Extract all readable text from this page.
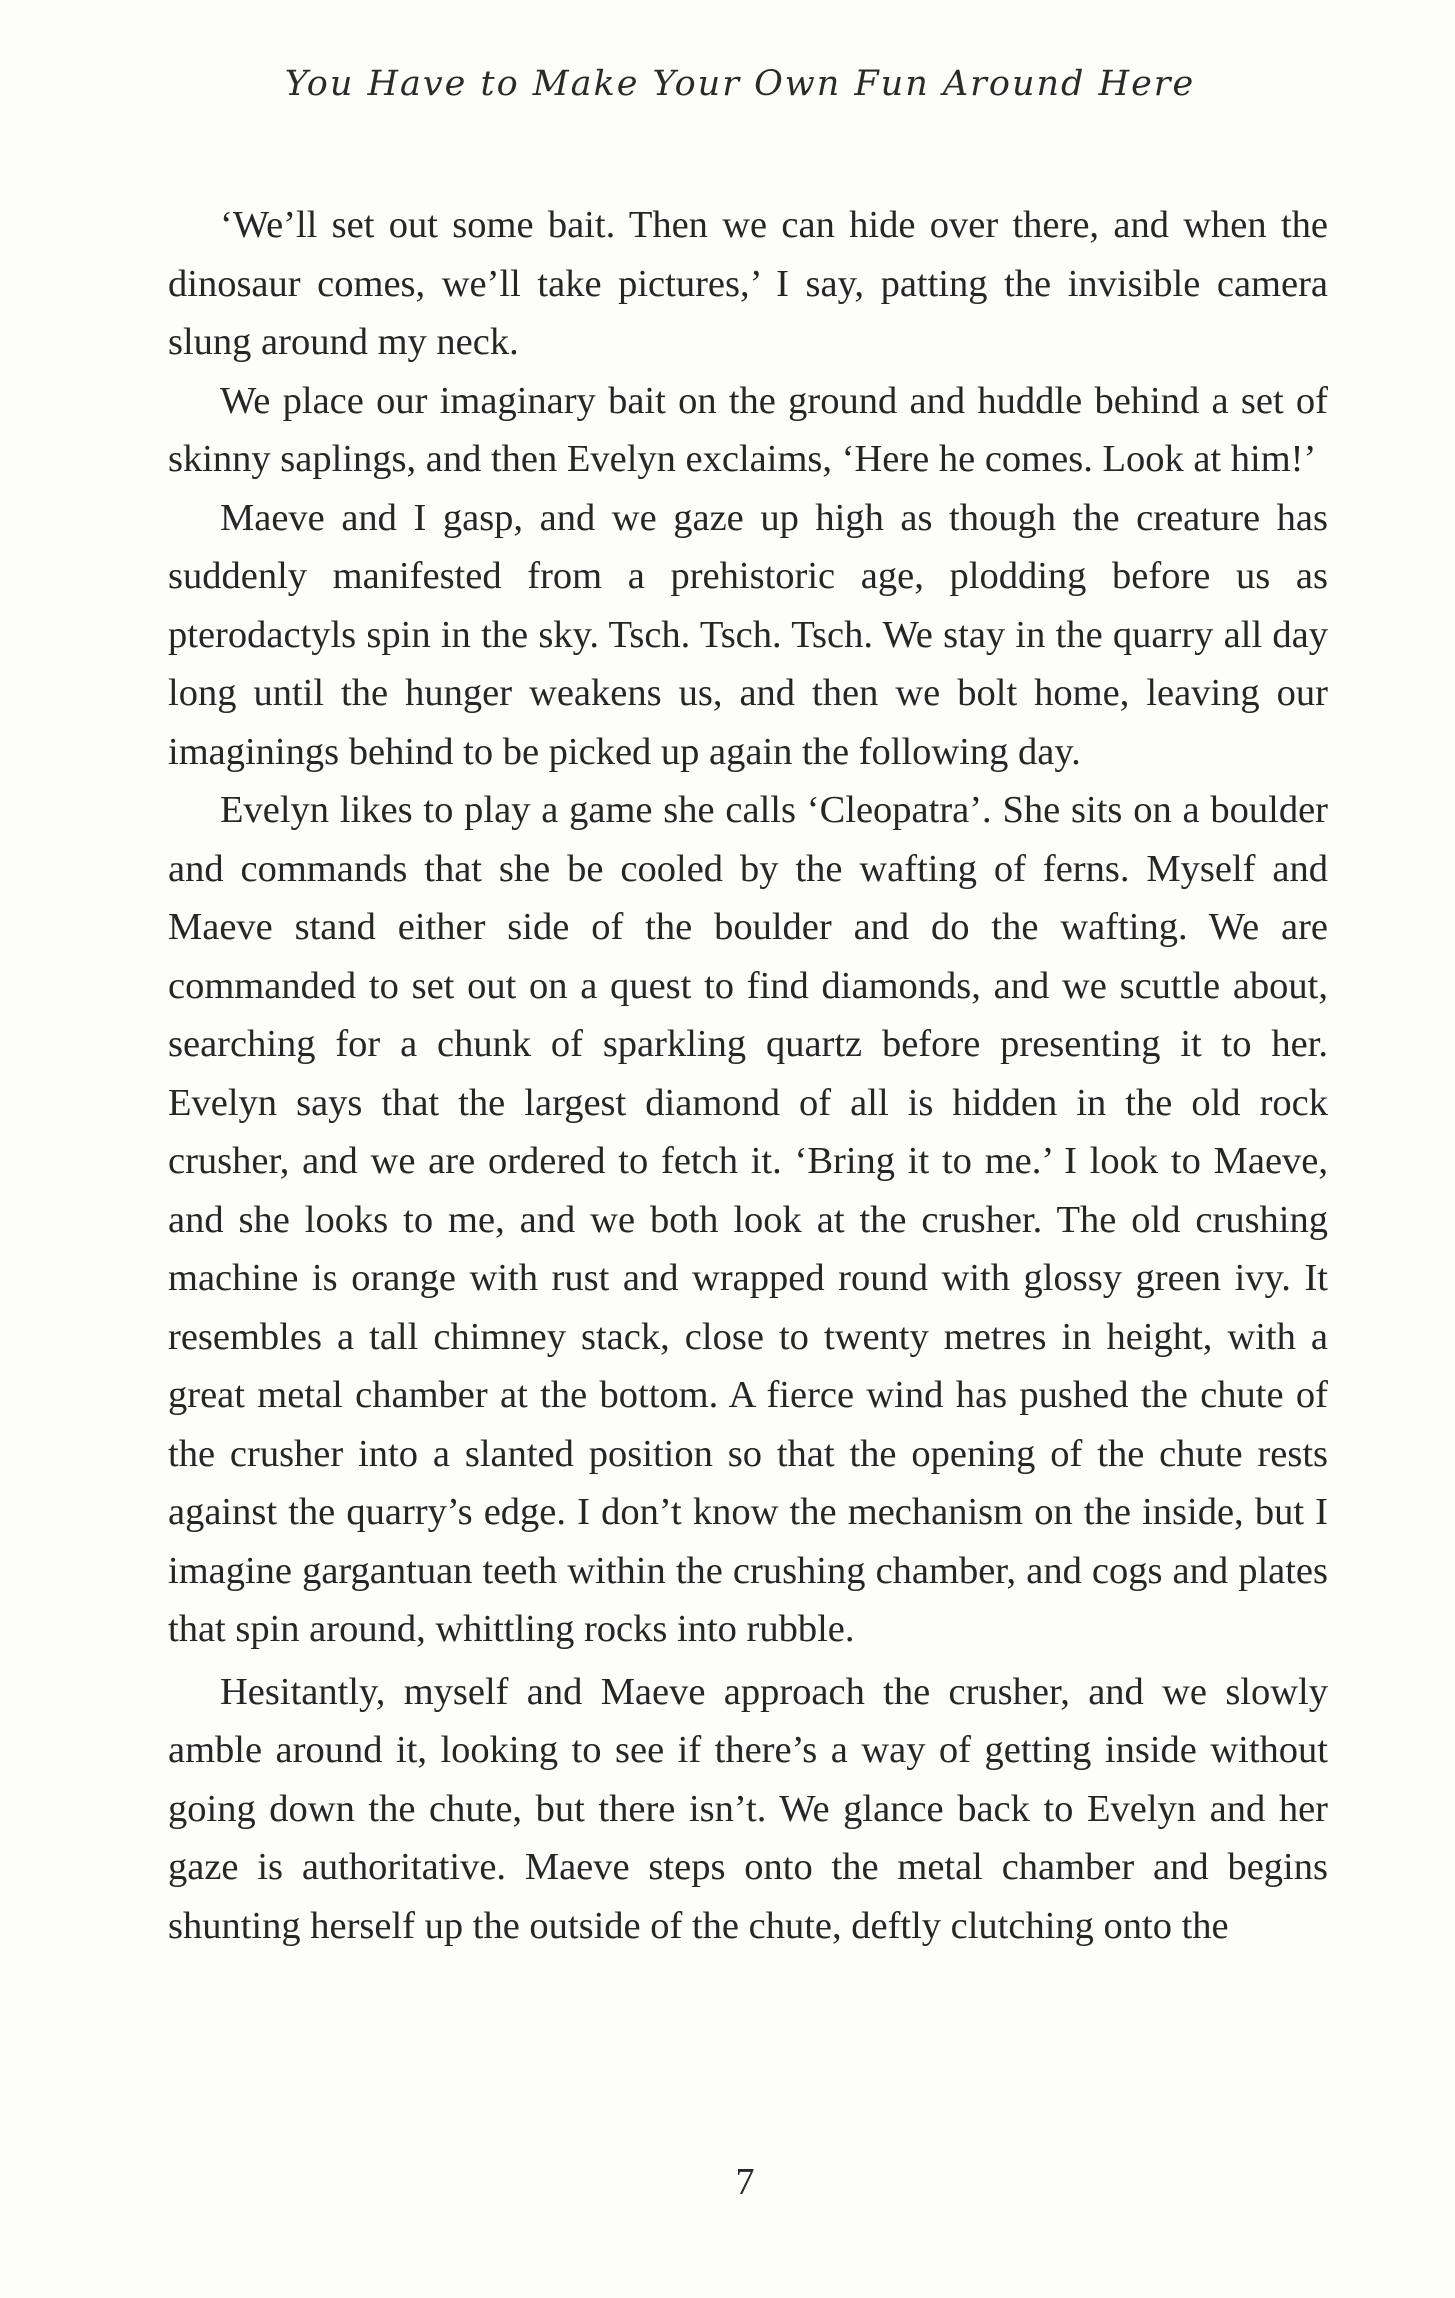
You Have to Make Your Own Fun Around Here

‘We’ll set out some bait. Then we can hide over there, and when the dinosaur comes, we’ll take pictures,’ I say, patting the invisible camera slung around my neck.

We place our imaginary bait on the ground and huddle behind a set of skinny saplings, and then Evelyn exclaims, ‘Here he comes. Look at him!’

Maeve and I gasp, and we gaze up high as though the creature has suddenly manifested from a prehistoric age, plodding before us as pterodactyls spin in the sky. Tsch. Tsch. Tsch. We stay in the quarry all day long until the hunger weakens us, and then we bolt home, leaving our imaginings behind to be picked up again the following day.

Evelyn likes to play a game she calls ‘Cleopatra’. She sits on a boulder and commands that she be cooled by the wafting of ferns. Myself and Maeve stand either side of the boulder and do the wafting. We are commanded to set out on a quest to find diamonds, and we scuttle about, searching for a chunk of sparkling quartz before presenting it to her. Evelyn says that the largest diamond of all is hidden in the old rock crusher, and we are ordered to fetch it. ‘Bring it to me.’ I look to Maeve, and she looks to me, and we both look at the crusher. The old crushing machine is orange with rust and wrapped round with glossy green ivy. It resembles a tall chimney stack, close to twenty metres in height, with a great metal chamber at the bottom. A fierce wind has pushed the chute of the crusher into a slanted position so that the opening of the chute rests against the quarry’s edge. I don’t know the mechanism on the inside, but I imagine gargantuan teeth within the crushing chamber, and cogs and plates that spin around, whittling rocks into rubble.

Hesitantly, myself and Maeve approach the crusher, and we slowly amble around it, looking to see if there’s a way of getting inside without going down the chute, but there isn’t. We glance back to Evelyn and her gaze is authoritative. Maeve steps onto the metal chamber and begins shunting herself up the outside of the chute, deftly clutching onto the

7
